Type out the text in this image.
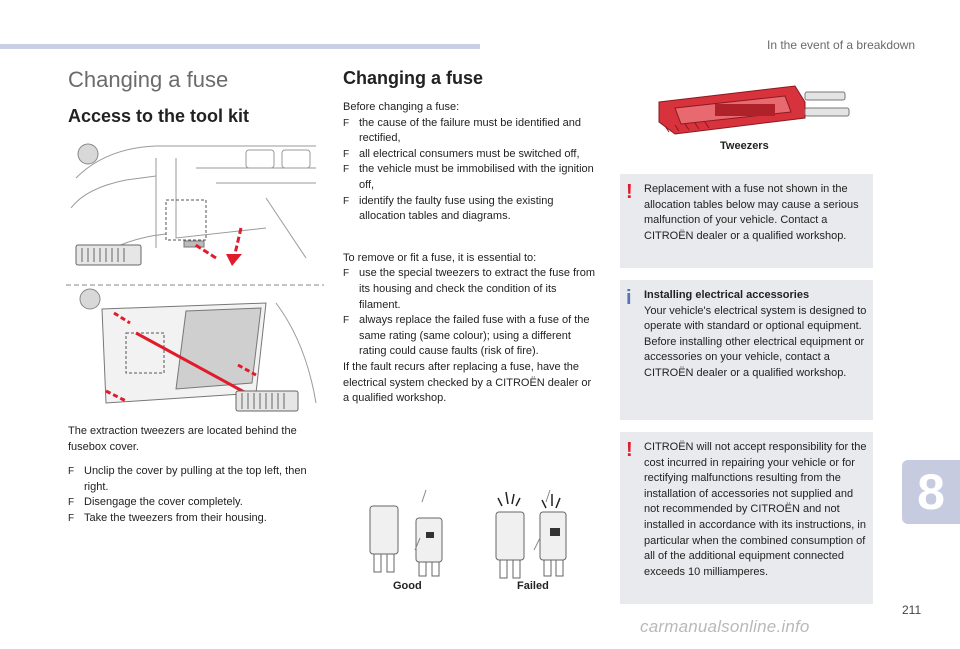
In the event of a breakdown
8
211
carmanualsonline.info
Changing a fuse
Access to the tool kit
The extraction tweezers are located behind the fusebox cover.
F Unclip the cover by pulling at the top left, then right.
F Disengage the cover completely.
F Take the tweezers from their housing.
Changing a fuse
Before changing a fuse:
F the cause of the failure must be identified and rectified,
F all electrical consumers must be switched off,
F the vehicle must be immobilised with the ignition off,
F identify the faulty fuse using the existing allocation tables and diagrams.
To remove or fit a fuse, it is essential to:
F use the special tweezers to extract the fuse from its housing and check the condition of its filament.
F always replace the failed fuse with a fuse of the same rating (same colour); using a different rating could cause faults (risk of fire).
If the fault recurs after replacing a fuse, have the electrical system checked by a CITROËN dealer or a qualified workshop.
Good	Failed
Tweezers
! Replacement with a fuse not shown in the allocation tables below may cause a serious malfunction of your vehicle. Contact a CITROËN dealer or a qualified workshop.
i Installing electrical accessories
Your vehicle's electrical system is designed to operate with standard or optional equipment.
Before installing other electrical equipment or accessories on your vehicle, contact a CITROËN dealer or a qualified workshop.
! CITROËN will not accept responsibility for the cost incurred in repairing your vehicle or for rectifying malfunctions resulting from the installation of accessories not supplied and not recommended by CITROËN and not installed in accordance with its instructions, in particular when the combined consumption of all of the additional equipment connected exceeds 10 milliamperes.
